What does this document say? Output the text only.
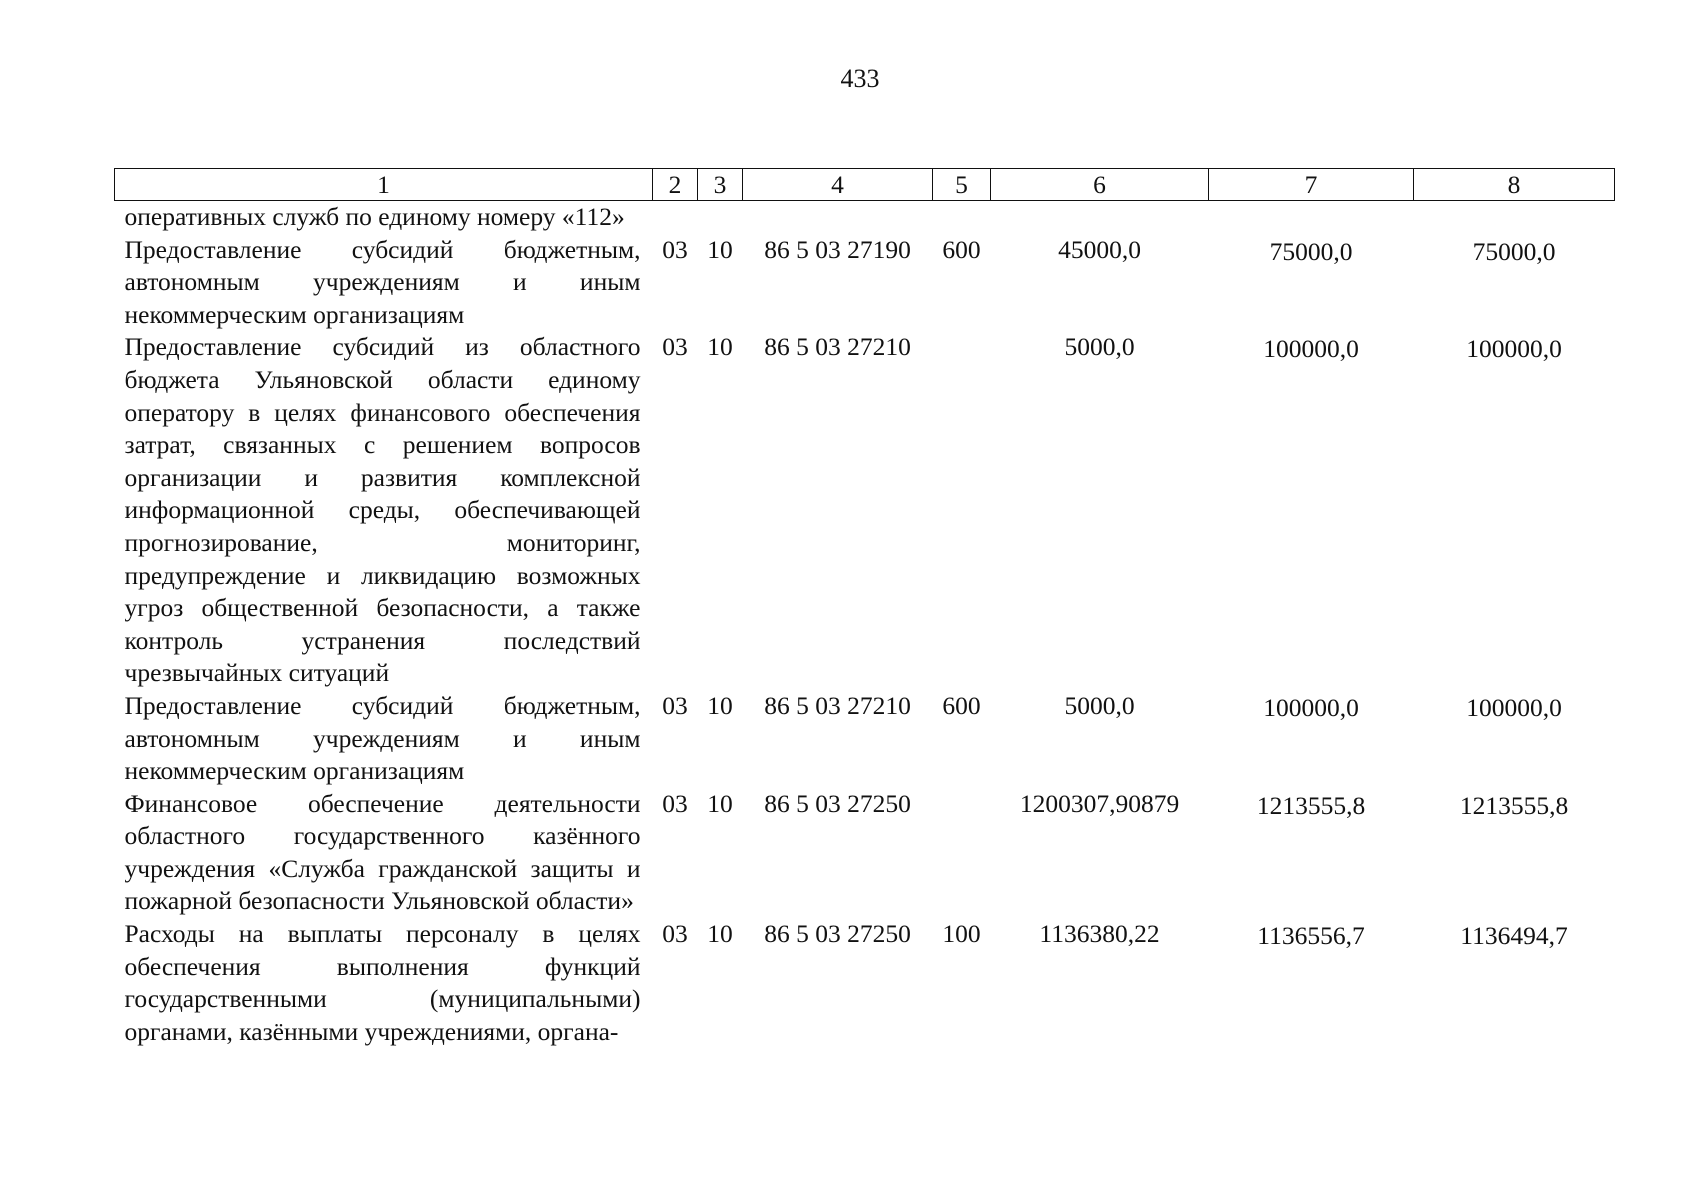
433
1	2	3	4	5	6	7	8
оперативных служб по единому номеру «112»							
Предоставление субсидий бюджетным, автономным учреждениям и иным некоммерческим организациям	03	10	86 5 03 27190	600	45000,0	75000,0	75000,0
Предоставление субсидий из областного бюджета Ульяновской области единому оператору в целях финансового обеспечения затрат, связанных с решением вопросов организации и развития комплексной информационной среды, обеспечивающей прогнозирование, мониторинг, предупреждение и ликвидацию возможных угроз общественной безопасности, а также контроль устранения последствий чрезвычайных ситуаций	03	10	86 5 03 27210		5000,0	100000,0	100000,0
Предоставление субсидий бюджетным, автономным учреждениям и иным некоммерческим организациям	03	10	86 5 03 27210	600	5000,0	100000,0	100000,0
Финансовое обеспечение деятельности областного государственного казённого учреждения «Служба гражданской защиты и пожарной безопасности Ульяновской области»	03	10	86 5 03 27250		1200307,90879	1213555,8	1213555,8
Расходы на выплаты персоналу в целях обеспечения выполнения функций государственными (муниципальными) органами, казёнными учреждениями, органа-	03	10	86 5 03 27250	100	1136380,22	1136556,7	1136494,7
